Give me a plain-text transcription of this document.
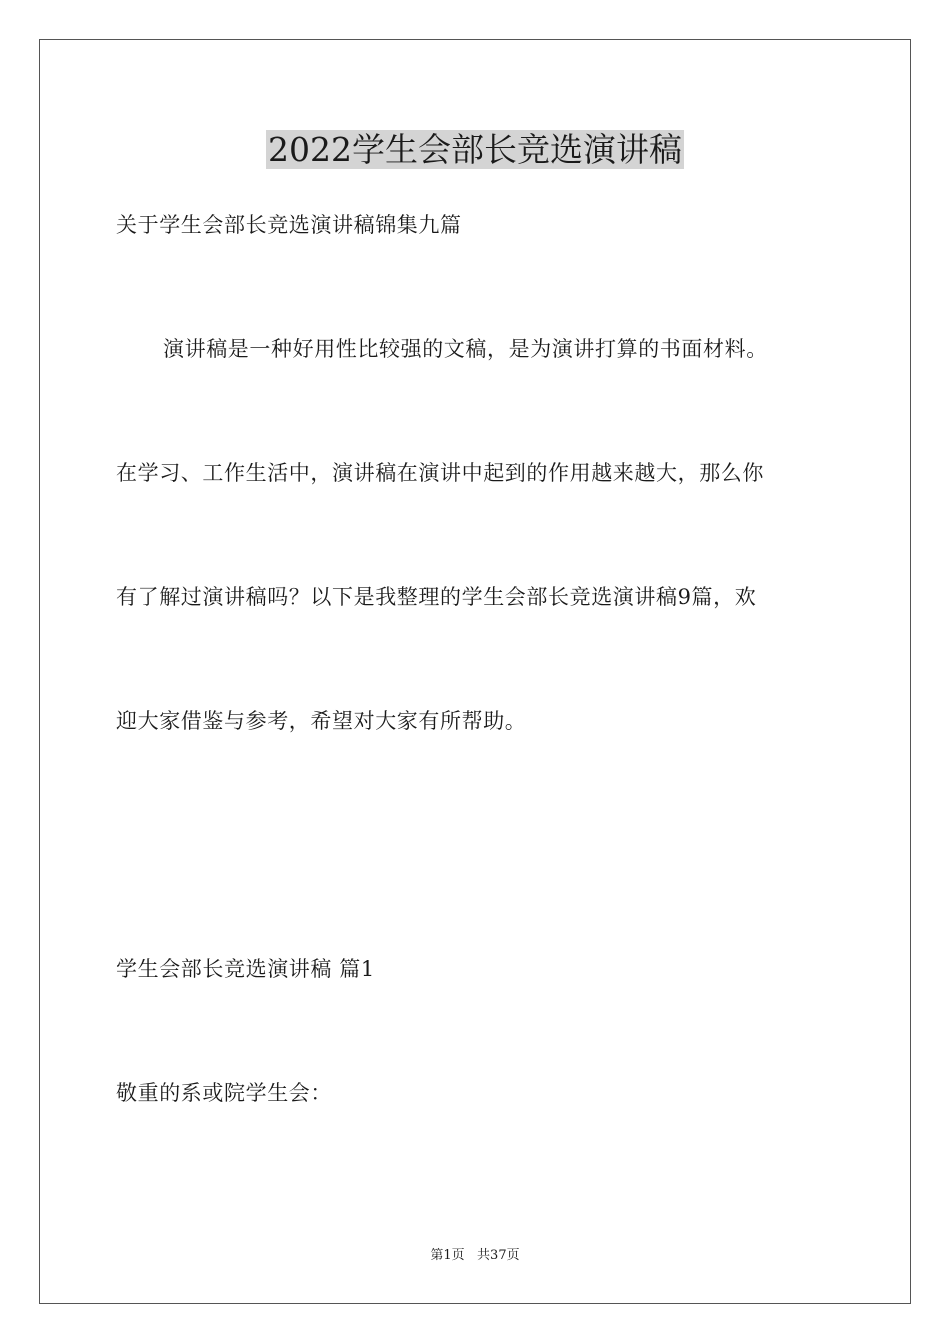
2022学生会部长竞选演讲稿
关于学生会部长竞选演讲稿锦集九篇
演讲稿是一种好用性比较强的文稿，是为演讲打算的书面材料。
在学习、工作生活中，演讲稿在演讲中起到的作用越来越大，那么你
有了解过演讲稿吗？以下是我整理的学生会部长竞选演讲稿9篇，欢
迎大家借鉴与参考，希望对大家有所帮助。
学生会部长竞选演讲稿 篇1
敬重的系或院学生会：
第1页   共37页
